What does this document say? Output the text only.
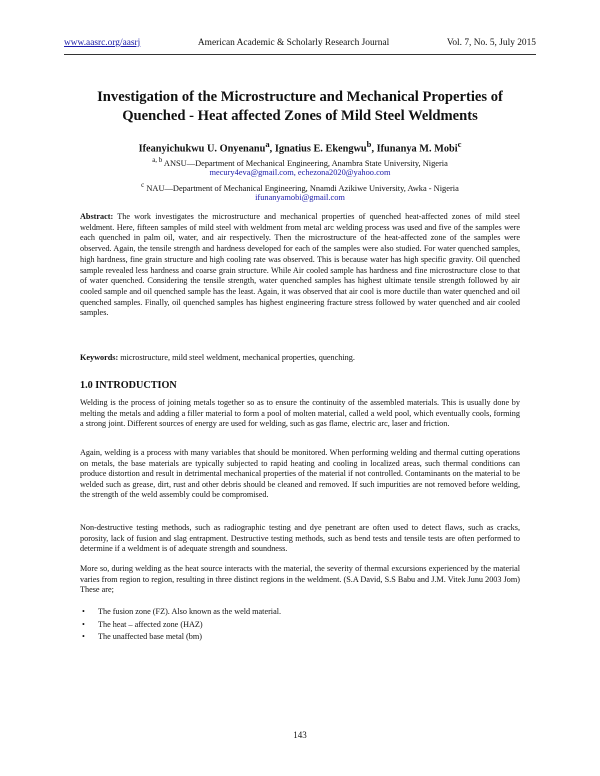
www.aasrc.org/aasrj	American Academic & Scholarly Research Journal	Vol. 7, No. 5, July 2015
Investigation of the Microstructure and Mechanical Properties of
Quenched - Heat affected Zones of Mild Steel Weldments
Ifeanyichukwu U. Onyenanu$^a$, Ignatius E. Ekengwu$^b$, Ifunanya M. Mobi$^c$
$^{a, b}$ ANSU—Department of Mechanical Engineering, Anambra State University, Nigeria
mecury4eva@gmail.com, echezona2020@yahoo.com
$^c$ NAU—Department of Mechanical Engineering, Nnamdi Azikiwe University, Awka - Nigeria
ifunanyamobi@gmail.com
Abstract: The work investigates the microstructure and mechanical properties of quenched heat-affected zones of mild steel weldment. Here, fifteen samples of mild steel with weldment from metal arc welding process was used and five of the samples were each quenched in palm oil, water, and air respectively. Then the microstructure of the heat-affected zone of the samples were observed. Again, the tensile strength and hardness developed for each of the samples were also studied. For water quenched samples, high hardness, fine grain structure and high cooling rate was observed. This is because water has high specific gravity. Oil quenched sample revealed less hardness and coarse grain structure. While Air cooled sample has hardness and fine microstructure close to that of water quenched. Considering the tensile strength, water quenched samples has highest ultimate tensile strength followed by air cooled sample and oil quenched sample has the least. Again, it was observed that air cool is more ductile than water quenched and oil quenched samples. Finally, oil quenched samples has highest engineering fracture stress followed by water quenched and air cooled samples.
Keywords: microstructure, mild steel weldment, mechanical properties, quenching.
1.0 INTRODUCTION

Welding is the process of joining metals together so as to ensure the continuity of the assembled materials. This is usually done by melting the metals and adding a filler material to form a pool of molten material, called a weld pool, which eventually cools, forming a strong joint. Different sources of energy are used for welding, such as gas flame, electric arc, laser and friction.

Again, welding is a process with many variables that should be monitored. When performing welding and thermal cutting operations on metals, the base materials are typically subjected to rapid heating and cooling in localized areas, such thermal conditions can produce distortion and result in detrimental mechanical properties of the material if not controlled. Contaminants on the material to be welded such as grease, dirt, rust and other debris should be cleaned and removed. If such impurities are not removed before welding, the strength of the weld assembly could be compromised.

Non-destructive testing methods, such as radiographic testing and dye penetrant are often used to detect flaws, such as cracks, porosity, lack of fusion and slag entrapment. Destructive testing methods, such as bend tests and tensile tests are often performed to determine if a weldment is of adequate strength and soundness.

More so, during welding as the heat source interacts with the material, the severity of thermal excursions experienced by the material varies from region to region, resulting in three distinct regions in the weldment. (S.A David, S.S Babu and J.M. Vitek Junu 2003 Jom) These are;

• The fusion zone (FZ). Also known as the weld material.
• The heat – affected zone (HAZ)
• The unaffected base metal (bm)
143
